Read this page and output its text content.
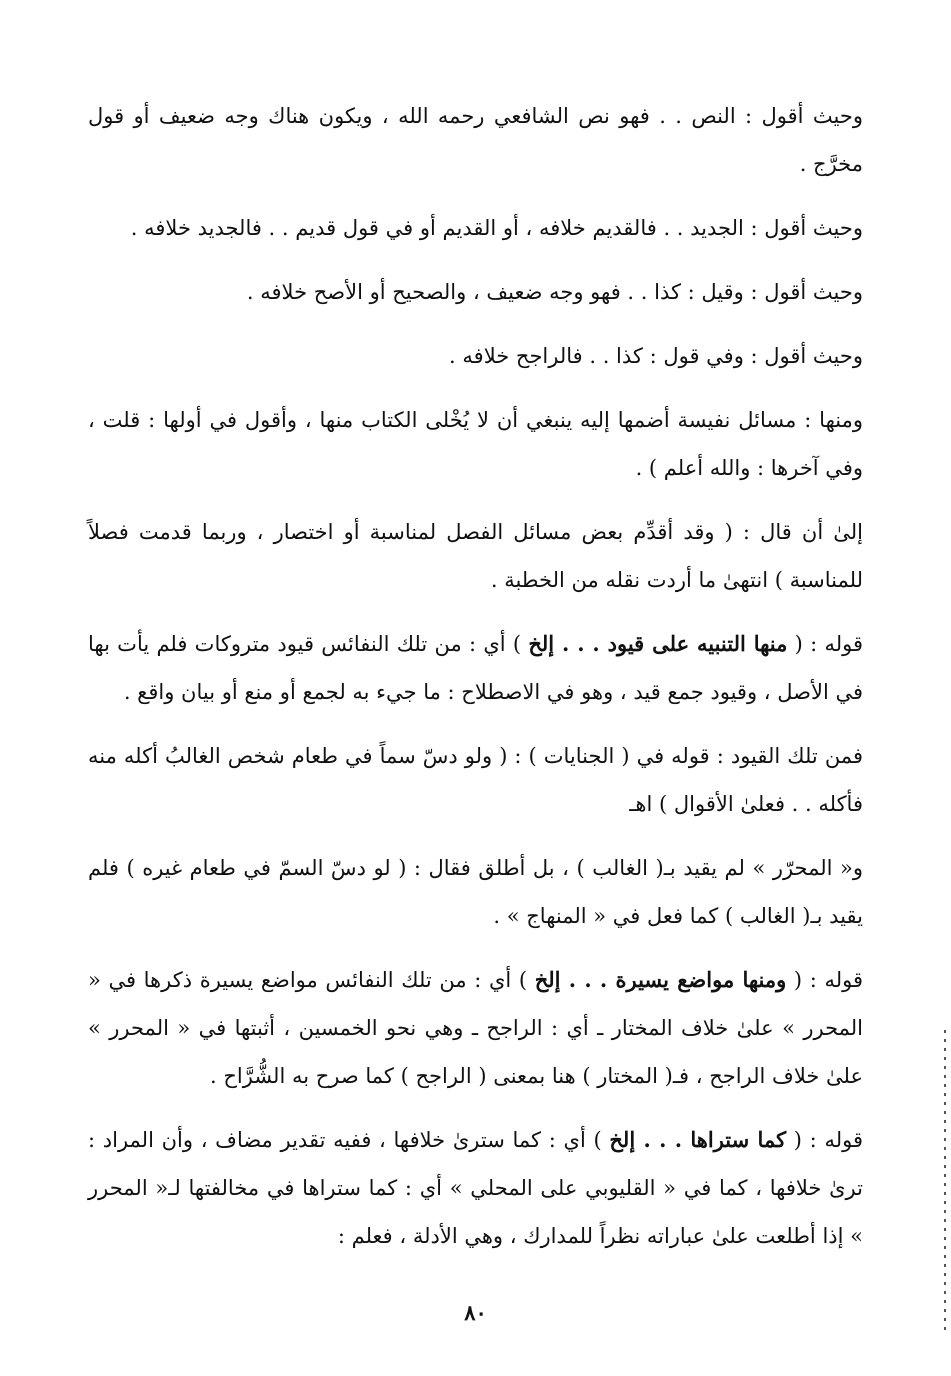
وحيث أقول : النص . . فهو نص الشافعي رحمه الله ، ويكون هناك وجه ضعيف أو قول مخرَّج .

وحيث أقول : الجديد . . فالقديم خلافه ، أو القديم أو في قول قديم . . فالجديد خلافه .

وحيث أقول : وقيل : كذا . . فهو وجه ضعيف ، والصحيح أو الأصح خلافه .

وحيث أقول : وفي قول : كذا . . فالراجح خلافه .

ومنها : مسائل نفيسة أضمها إليه ينبغي أن لا يُخْلى الكتاب منها ، وأقول في أولها : قلت ، وفي آخرها : والله أعلم ) .

إلىٰ أن قال : ( وقد أقدِّم بعض مسائل الفصل لمناسبة أو اختصار ، وربما قدمت فصلاً للمناسبة ) انتهىٰ ما أردت نقله من الخطبة .

قوله : ( منها التنبيه على قيود . . . إلخ ) أي : من تلك النفائس قيود متروكات فلم يأت بها في الأصل ، وقيود جمع قيد ، وهو في الاصطلاح : ما جيء به لجمع أو منع أو بيان واقع .

فمن تلك القيود : قوله في ( الجنايات ) : ( ولو دسّ سماً في طعام شخص الغالبُ أكله منه فأكله . . فعلىٰ الأقوال ) اهـ

و« المحرّر » لم يقيد بـ( الغالب ) ، بل أطلق فقال : ( لو دسّ السمّ في طعام غيره ) فلم يقيد بـ( الغالب ) كما فعل في « المنهاج » .

قوله : ( ومنها مواضع يسيرة . . . إلخ ) أي : من تلك النفائس مواضع يسيرة ذكرها في « المحرر » علىٰ خلاف المختار ـ أي : الراجح ـ وهي نحو الخمسين ، أثبتها في « المحرر » علىٰ خلاف الراجح ، فـ( المختار ) هنا بمعنى ( الراجح ) كما صرح به الشُّرَّاح .

قوله : ( كما ستراها . . . إلخ ) أي : كما سترىٰ خلافها ، ففيه تقدير مضاف ، وأن المراد : ترىٰ خلافها ، كما في « القليوبي على المحلي » أي : كما ستراها في مخالفتها لـ« المحرر » إذا أطلعت علىٰ عباراته نظراً للمدارك ، وهي الأدلة ، فعلم :

٨٠
